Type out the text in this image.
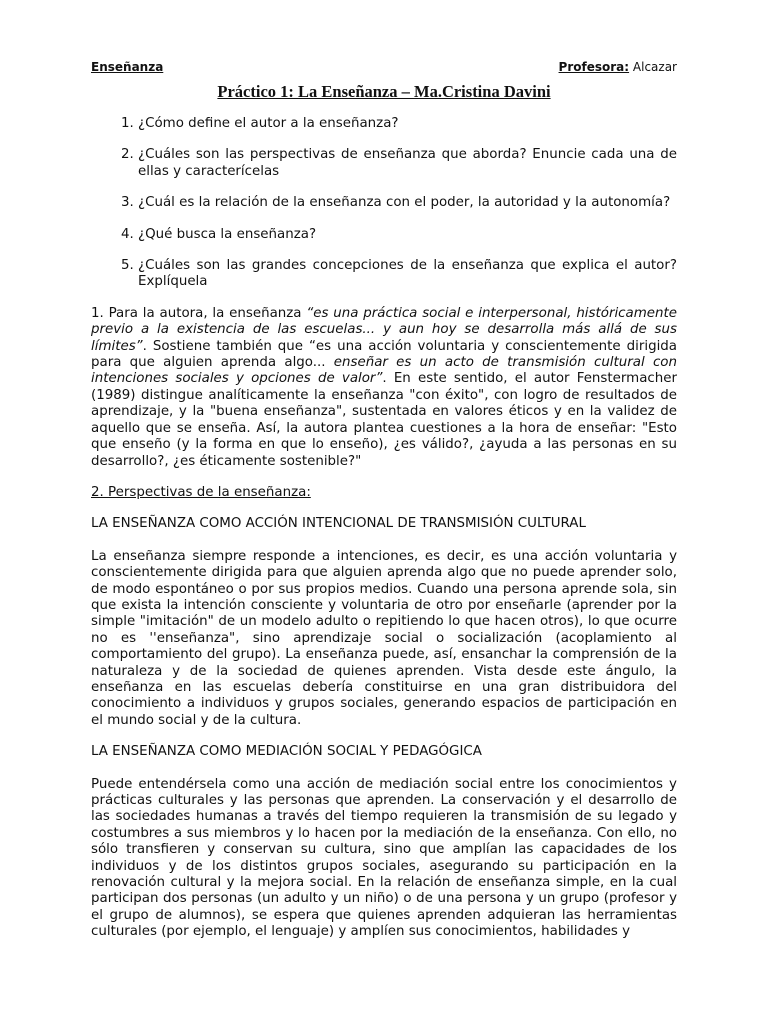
Enseñanza	Profesora: Alcazar
Práctico 1: La Enseñanza – Ma.Cristina Davini
1. ¿Cómo define el autor a la enseñanza?
2. ¿Cuáles son las perspectivas de enseñanza que aborda? Enuncie cada una de ellas y caracterícelas
3. ¿Cuál es la relación de la enseñanza con el poder, la autoridad y la autonomía?
4. ¿Qué busca la enseñanza?
5. ¿Cuáles son las grandes concepciones de la enseñanza que explica el autor? Explíquela
1. Para la autora, la enseñanza “es una práctica social e interpersonal, históricamente previo a la existencia de las escuelas... y aun hoy se desarrolla más allá de sus límites”. Sostiene también que “es una acción voluntaria y conscientemente dirigida para que alguien aprenda algo... enseñar es un acto de transmisión cultural con intenciones sociales y opciones de valor”. En este sentido, el autor Fenstermacher (1989) distingue analíticamente la enseñanza "con éxito", con logro de resultados de aprendizaje, y la "buena enseñanza", sustentada en valores éticos y en la validez de aquello que se enseña. Así, la autora plantea cuestiones a la hora de enseñar: "Esto que enseño (y la forma en que lo enseño), ¿es válido?, ¿ayuda a las personas en su desarrollo?, ¿es éticamente sostenible?"
2. Perspectivas de la enseñanza:
LA ENSEÑANZA COMO ACCIÓN INTENCIONAL DE TRANSMISIÓN CULTURAL
La enseñanza siempre responde a intenciones, es decir, es una acción voluntaria y conscientemente dirigida para que alguien aprenda algo que no puede aprender solo, de modo espontáneo o por sus propios medios. Cuando una persona aprende sola, sin que exista la intención consciente y voluntaria de otro por enseñarle (aprender por la simple "imitación" de un modelo adulto o repitiendo lo que hacen otros), lo que ocurre no es ''enseñanza", sino aprendizaje social o socialización (acoplamiento al comportamiento del grupo). La enseñanza puede, así, ensanchar la comprensión de la naturaleza y de la sociedad de quienes aprenden. Vista desde este ángulo, la enseñanza en las escuelas debería constituirse en una gran distribuidora del conocimiento a individuos y grupos sociales, generando espacios de participación en el mundo social y de la cultura.
LA ENSEÑANZA COMO MEDIACIÓN SOCIAL Y PEDAGÓGICA
Puede entendérsela como una acción de mediación social entre los conocimientos y prácticas culturales y las personas que aprenden. La conservación y el desarrollo de las sociedades humanas a través del tiempo requieren la transmisión de su legado y costumbres a sus miembros y lo hacen por la mediación de la enseñanza. Con ello, no sólo transfieren y conservan su cultura, sino que amplían las capacidades de los individuos y de los distintos grupos sociales, asegurando su participación en la renovación cultural y la mejora social. En la relación de enseñanza simple, en la cual participan dos personas (un adulto y un niño) o de una persona y un grupo (profesor y el grupo de alumnos), se espera que quienes aprenden adquieran las herramientas culturales (por ejemplo, el lenguaje) y amplíen sus conocimientos, habilidades y
